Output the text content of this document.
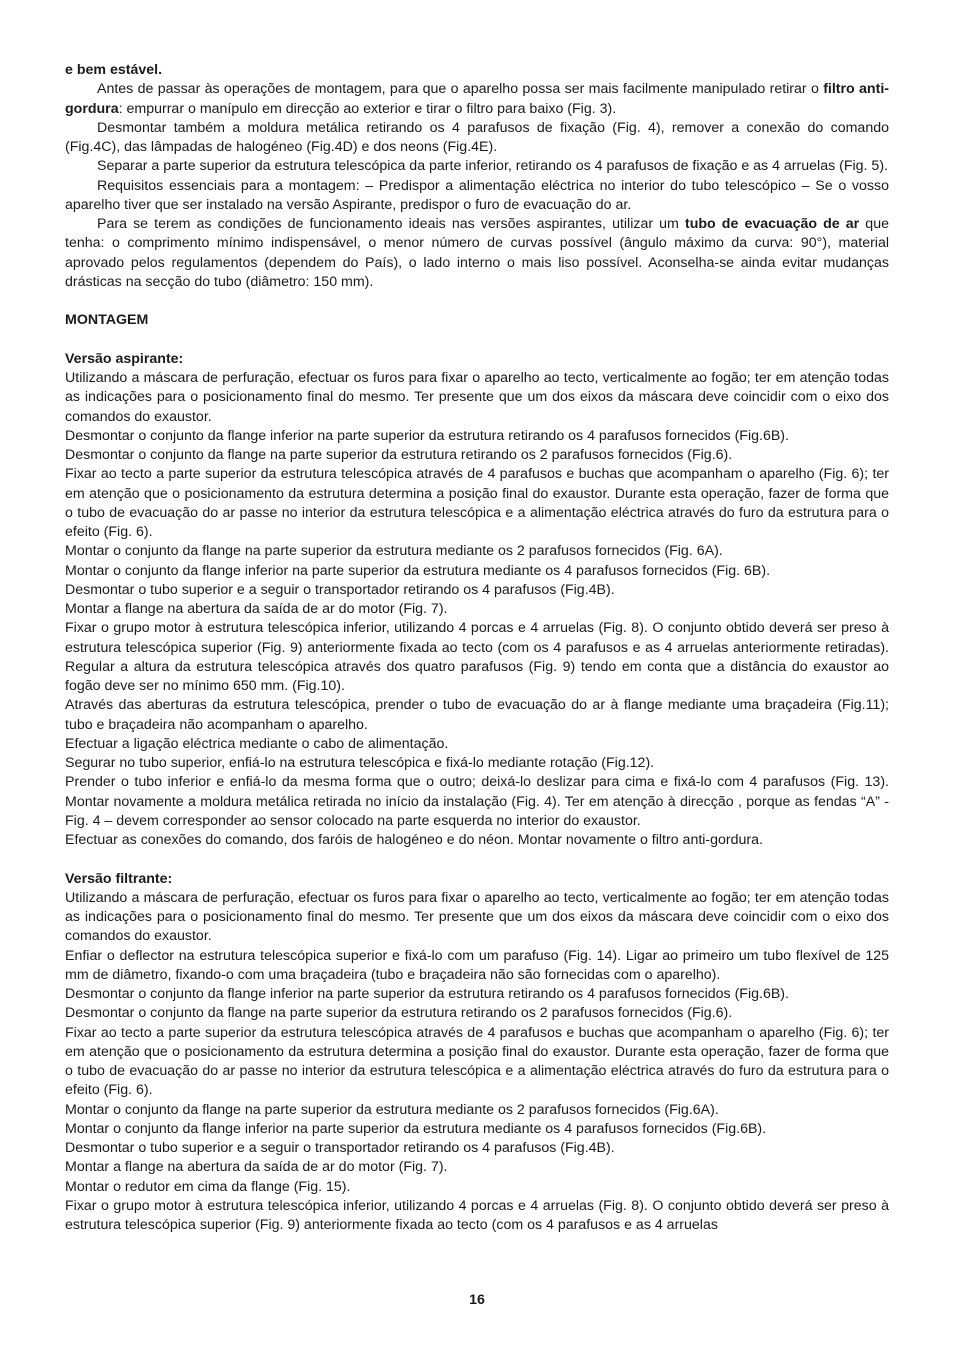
e bem estável.

Antes de passar às operações de montagem, para que o aparelho possa ser mais facilmente manipulado retirar o filtro anti-gordura: empurrar o manípulo em direcção ao exterior e tirar o filtro para baixo (Fig. 3).

Desmontar também a moldura metálica retirando os 4 parafusos de fixação (Fig. 4), remover a conexão do comando (Fig.4C), das lâmpadas de halogéneo (Fig.4D) e dos neons (Fig.4E).

Separar a parte superior da estrutura telescópica da parte inferior, retirando os 4 parafusos de fixação e as 4 arruelas (Fig. 5).

Requisitos essenciais para a montagem: – Predispor a alimentação eléctrica no interior do tubo telescópico – Se o vosso aparelho tiver que ser instalado na versão Aspirante, predispor o furo de evacuação do ar.

Para se terem as condições de funcionamento ideais nas versões aspirantes, utilizar um tubo de evacuação de ar que tenha: o comprimento mínimo indispensável, o menor número de curvas possível (ângulo máximo da curva: 90°), material aprovado pelos regulamentos (dependem do País), o lado interno o mais liso possível. Aconselha-se ainda evitar mudanças drásticas na secção do tubo (diâmetro: 150 mm).

MONTAGEM

Versão aspirante:

Utilizando a máscara de perfuração, efectuar os furos para fixar o aparelho ao tecto, verticalmente ao fogão; ter em atenção todas as indicações para o posicionamento final do mesmo. Ter presente que um dos eixos da máscara deve coincidir com o eixo dos comandos do exaustor.

Desmontar o conjunto da flange inferior na parte superior da estrutura retirando os 4 parafusos fornecidos (Fig.6B).

Desmontar o conjunto da flange na parte superior da estrutura retirando os 2 parafusos fornecidos (Fig.6).

Fixar ao tecto a parte superior da estrutura telescópica através de 4 parafusos e buchas que acompanham o aparelho (Fig. 6); ter em atenção que o posicionamento da estrutura determina a posição final do exaustor. Durante esta operação, fazer de forma que o tubo de evacuação do ar passe no interior da estrutura telescópica e a alimentação eléctrica através do furo da estrutura para o efeito (Fig. 6).

Montar o conjunto da flange na parte superior da estrutura mediante os 2 parafusos fornecidos (Fig. 6A).

Montar o conjunto da flange inferior na parte superior da estrutura mediante os 4 parafusos fornecidos (Fig. 6B).

Desmontar o tubo superior e a seguir o transportador retirando os 4 parafusos (Fig.4B).

Montar a flange na abertura da saída de ar do motor (Fig. 7).

Fixar o grupo motor à estrutura telescópica inferior, utilizando 4 porcas e 4 arruelas (Fig. 8). O conjunto obtido deverá ser preso à estrutura telescópica superior (Fig. 9) anteriormente fixada ao tecto (com os 4 parafusos e as 4 arruelas anteriormente retiradas). Regular a altura da estrutura telescópica através dos quatro parafusos (Fig. 9) tendo em conta que a distância do exaustor ao fogão deve ser no mínimo 650 mm. (Fig.10).

Através das aberturas da estrutura telescópica, prender o tubo de evacuação do ar à flange mediante uma braçadeira (Fig.11); tubo e braçadeira não acompanham o aparelho.

Efectuar a ligação eléctrica mediante o cabo de alimentação.

Segurar no tubo superior, enfiá-lo na estrutura telescópica e fixá-lo mediante rotação (Fig.12).

Prender o tubo inferior e enfiá-lo da mesma forma que o outro; deixá-lo deslizar para cima e fixá-lo com 4 parafusos (Fig. 13). Montar novamente a moldura metálica retirada no início da instalação (Fig. 4). Ter em atenção à direcção , porque as fendas “A” - Fig. 4 – devem corresponder ao sensor colocado na parte esquerda no interior do exaustor.

Efectuar as conexões do comando, dos faróis de halogéneo e do néon. Montar novamente o filtro anti-gordura.

Versão filtrante:

Utilizando a máscara de perfuração, efectuar os furos para fixar o aparelho ao tecto, verticalmente ao fogão; ter em atenção todas as indicações para o posicionamento final do mesmo. Ter presente que um dos eixos da máscara deve coincidir com o eixo dos comandos do exaustor.

Enfiar o deflector na estrutura telescópica superior e fixá-lo com um parafuso (Fig. 14). Ligar ao primeiro um tubo flexível de 125 mm de diâmetro, fixando-o com uma braçadeira (tubo e braçadeira não são fornecidas com o aparelho).

Desmontar o conjunto da flange inferior na parte superior da estrutura retirando os 4 parafusos fornecidos (Fig.6B).

Desmontar o conjunto da flange na parte superior da estrutura retirando os 2 parafusos fornecidos (Fig.6).

Fixar ao tecto a parte superior da estrutura telescópica através de 4 parafusos e buchas que acompanham o aparelho (Fig. 6); ter em atenção que o posicionamento da estrutura determina a posição final do exaustor. Durante esta operação, fazer de forma que o tubo de evacuação do ar passe no interior da estrutura telescópica e a alimentação eléctrica através do furo da estrutura para o efeito (Fig. 6).

Montar o conjunto da flange na parte superior da estrutura mediante os 2 parafusos fornecidos (Fig.6A).

Montar o conjunto da flange inferior na parte superior da estrutura mediante os 4 parafusos fornecidos (Fig.6B).

Desmontar o tubo superior e a seguir o transportador retirando os 4 parafusos (Fig.4B).

Montar a flange na abertura da saída de ar do motor (Fig. 7).

Montar o redutor em cima da flange (Fig. 15).

Fixar o grupo motor à estrutura telescópica inferior, utilizando 4 porcas e 4 arruelas (Fig. 8). O conjunto obtido deverá ser preso à estrutura telescópica superior (Fig. 9) anteriormente fixada ao tecto (com os 4 parafusos e as 4 arruelas

16
